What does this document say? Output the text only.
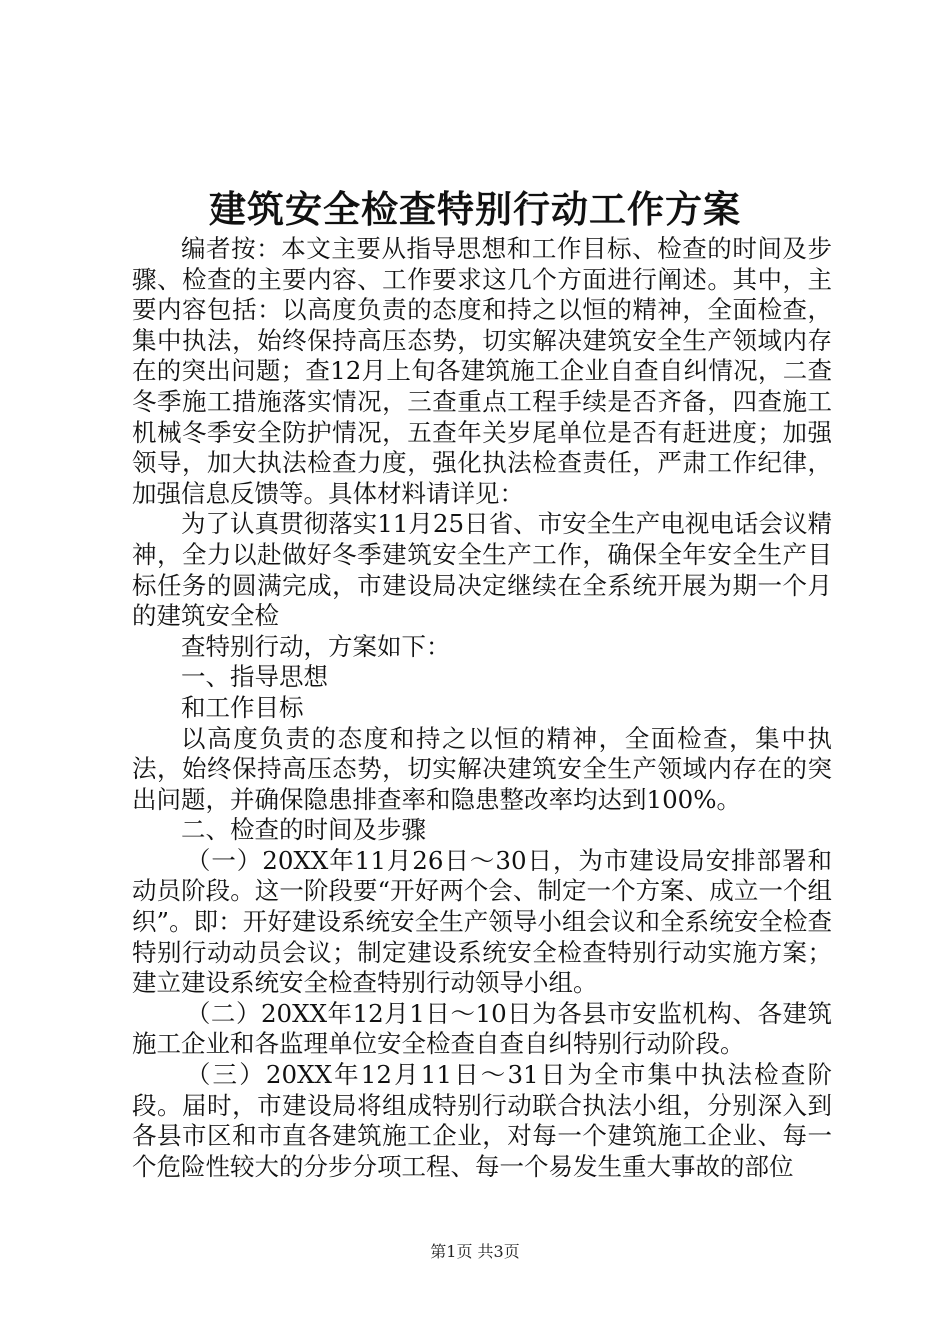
建筑安全检查特别行动工作方案

编者按：本文主要从指导思想和工作目标、检查的时间及步骤、检查的主要内容、工作要求这几个方面进行阐述。其中，主要内容包括：以高度负责的态度和持之以恒的精神，全面检查，集中执法，始终保持高压态势，切实解决建筑安全生产领域内存在的突出问题；查12月上旬各建筑施工企业自查自纠情况，二查冬季施工措施落实情况，三查重点工程手续是否齐备，四查施工机械冬季安全防护情况，五查年关岁尾单位是否有赶进度；加强领导，加大执法检查力度，强化执法检查责任，严肃工作纪律，加强信息反馈等。具体材料请详见：

为了认真贯彻落实11月25日省、市安全生产电视电话会议精神，全力以赴做好冬季建筑安全生产工作，确保全年安全生产目标任务的圆满完成，市建设局决定继续在全系统开展为期一个月的建筑安全检

查特别行动，方案如下：

一、指导思想

和工作目标

以高度负责的态度和持之以恒的精神，全面检查，集中执法，始终保持高压态势，切实解决建筑安全生产领域内存在的突出问题，并确保隐患排查率和隐患整改率均达到100%。

二、检查的时间及步骤

（一）20XX年11月26日～30日，为市建设局安排部署和动员阶段。这一阶段要“开好两个会、制定一个方案、成立一个组织”。即：开好建设系统安全生产领导小组会议和全系统安全检查特别行动动员会议；制定建设系统安全检查特别行动实施方案；建立建设系统安全检查特别行动领导小组。

（二）20XX年12月1日～10日为各县市安监机构、各建筑施工企业和各监理单位安全检查自查自纠特别行动阶段。

（三）20XX年12月11日～31日为全市集中执法检查阶段。届时，市建设局将组成特别行动联合执法小组，分别深入到各县市区和市直各建筑施工企业，对每一个建筑施工企业、每一个危险性较大的分步分项工程、每一个易发生重大事故的部位

第1页 共3页
